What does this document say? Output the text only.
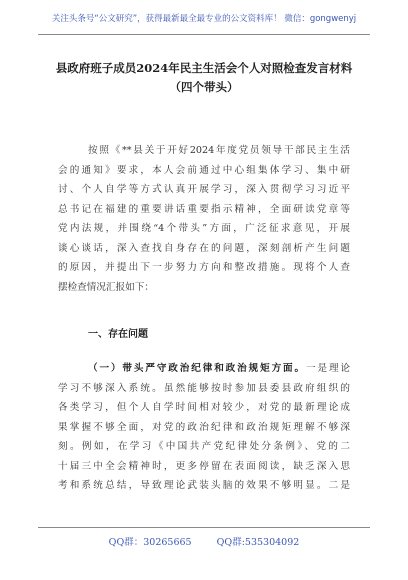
关注头条号“公文研究”，获得最新最全最专业的公文资料库！ 微信：gongwenyj
县政府班子成员2024年民主生活会个人对照检查发言材料
（四个带头）
按照《**县关于开好2024年度党员领导干部民主生活
会的通知》要求，本人会前通过中心组集体学习、集中研
讨、个人自学等方式认真开展学习，深入贯彻学习习近平
总书记在福建的重要讲话重要指示精神，全面研读党章等
党内法规，并围绕“4个带头”方面，广泛征求意见，开展
谈心谈话，深入查找自身存在的问题，深刻剖析产生问题
的原因，并提出下一步努力方向和整改措施。现将个人查
摆检查情况汇报如下：
一、存在问题
（一）带头严守政治纪律和政治规矩方面。一是理论
学习不够深入系统。虽然能够按时参加县委县政府组织的
各类学习，但个人自学时间相对较少，对党的最新理论成
果掌握不够全面，对党的政治纪律和政治规矩理解不够深
刻。例如，在学习《中国共产党纪律处分条例》、党的二
十届三中全会精神时，更多停留在表面阅读，缺乏深入思
考和系统总结，导致理论武装头脑的效果不够明显。二是
QQ群：30265665	QQ群:535304092
